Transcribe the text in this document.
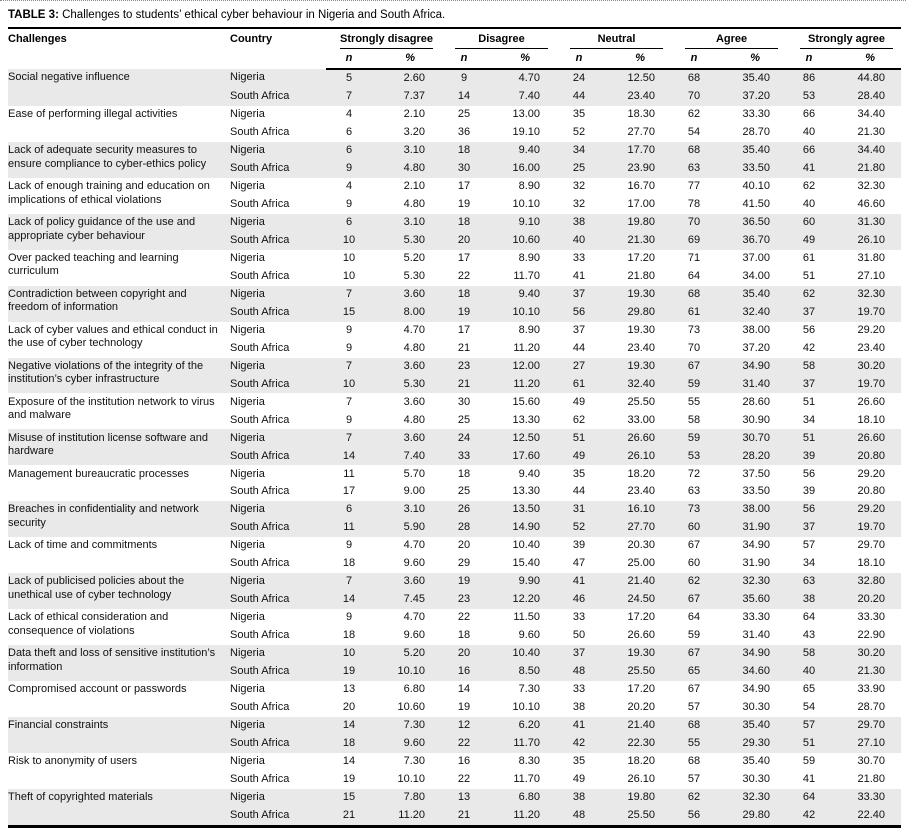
TABLE 3: Challenges to students’ ethical cyber behaviour in Nigeria and South Africa.
Challenges	Country	Strongly disagree		Disagree		Neutral		Agree		Strongly agree	

		n	%	n	%	n	%	n	%	n	%
Social negative influence	Nigeria	5	2.60	9	4.70	24	12.50	68	35.40	86	44.80
	South Africa	7	7.37	14	7.40	44	23.40	70	37.20	53	28.40
Ease of performing illegal activities	Nigeria	4	2.10	25	13.00	35	18.30	62	33.30	66	34.40
	South Africa	6	3.20	36	19.10	52	27.70	54	28.70	40	21.30
Lack of adequate security measures to ensure compliance to cyber-ethics policy	Nigeria	6	3.10	18	9.40	34	17.70	68	35.40	66	34.40
	South Africa	9	4.80	30	16.00	25	23.90	63	33.50	41	21.80
Lack of enough training and education on implications of ethical violations	Nigeria	4	2.10	17	8.90	32	16.70	77	40.10	62	32.30
	South Africa	9	4.80	19	10.10	32	17.00	78	41.50	40	46.60
Lack of policy guidance of the use and appropriate cyber behaviour	Nigeria	6	3.10	18	9.10	38	19.80	70	36.50	60	31.30
	South Africa	10	5.30	20	10.60	40	21.30	69	36.70	49	26.10
Over packed teaching and learning curriculum	Nigeria	10	5.20	17	8.90	33	17.20	71	37.00	61	31.80
	South Africa	10	5.30	22	11.70	41	21.80	64	34.00	51	27.10
Contradiction between copyright and freedom of information	Nigeria	7	3.60	18	9.40	37	19.30	68	35.40	62	32.30
	South Africa	15	8.00	19	10.10	56	29.80	61	32.40	37	19.70
Lack of cyber values and ethical conduct in the use of cyber technology	Nigeria	9	4.70	17	8.90	37	19.30	73	38.00	56	29.20
	South Africa	9	4.80	21	11.20	44	23.40	70	37.20	42	23.40
Negative violations of the integrity of the institution’s cyber infrastructure	Nigeria	7	3.60	23	12.00	27	19.30	67	34.90	58	30.20
	South Africa	10	5.30	21	11.20	61	32.40	59	31.40	37	19.70
Exposure of the institution network to virus and malware	Nigeria	7	3.60	30	15.60	49	25.50	55	28.60	51	26.60
	South Africa	9	4.80	25	13.30	62	33.00	58	30.90	34	18.10
Misuse of institution license software and hardware	Nigeria	7	3.60	24	12.50	51	26.60	59	30.70	51	26.60
	South Africa	14	7.40	33	17.60	49	26.10	53	28.20	39	20.80
Management bureaucratic processes	Nigeria	11	5.70	18	9.40	35	18.20	72	37.50	56	29.20
	South Africa	17	9.00	25	13.30	44	23.40	63	33.50	39	20.80
Breaches in confidentiality and network security	Nigeria	6	3.10	26	13.50	31	16.10	73	38.00	56	29.20
	South Africa	11	5.90	28	14.90	52	27.70	60	31.90	37	19.70
Lack of time and commitments	Nigeria	9	4.70	20	10.40	39	20.30	67	34.90	57	29.70
	South Africa	18	9.60	29	15.40	47	25.00	60	31.90	34	18.10
Lack of publicised policies about the unethical use of cyber technology	Nigeria	7	3.60	19	9.90	41	21.40	62	32.30	63	32.80
	South Africa	14	7.45	23	12.20	46	24.50	67	35.60	38	20.20
Lack of ethical consideration and consequence of violations	Nigeria	9	4.70	22	11.50	33	17.20	64	33.30	64	33.30
	South Africa	18	9.60	18	9.60	50	26.60	59	31.40	43	22.90
Data theft and loss of sensitive institution’s information	Nigeria	10	5.20	20	10.40	37	19.30	67	34.90	58	30.20
	South Africa	19	10.10	16	8.50	48	25.50	65	34.60	40	21.30
Compromised account or passwords	Nigeria	13	6.80	14	7.30	33	17.20	67	34.90	65	33.90
	South Africa	20	10.60	19	10.10	38	20.20	57	30.30	54	28.70
Financial constraints	Nigeria	14	7.30	12	6.20	41	21.40	68	35.40	57	29.70
	South Africa	18	9.60	22	11.70	42	22.30	55	29.30	51	27.10
Risk to anonymity of users	Nigeria	14	7.30	16	8.30	35	18.20	68	35.40	59	30.70
	South Africa	19	10.10	22	11.70	49	26.10	57	30.30	41	21.80
Theft of copyrighted materials	Nigeria	15	7.80	13	6.80	38	19.80	62	32.30	64	33.30
	South Africa	21	11.20	21	11.20	48	25.50	56	29.80	42	22.40
